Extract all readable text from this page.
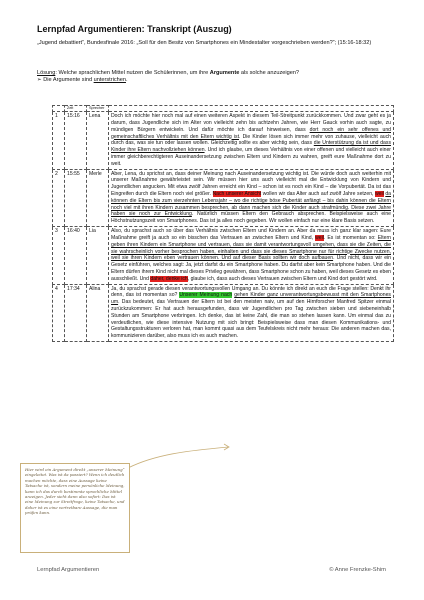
Lernpfad Argumentieren: Transkript (Auszug)
„Jugend debattiert“, Bundesfinale 2016: „Soll für den Besitz von Smartphones ein Mindestalter vorgeschrieben werden?“; (15:16-18:32)
Lösung: Welche sprachlichen Mittel nutzen die Schülerinnen, um ihre Argumente als solche anzuzeigen?
➢ Die Argumente sind unterstrichen.
	Zeit	Sprecher	
1	15:16	Lena	Doch ich möchte hier noch mal auf einen weiteren Aspekt in diesem Teil-Streitpunkt zurückkommen. Und zwar geht es ja darum, dass Jugendliche sich im Alter von vielleicht zehn bis achtzehn Jahren, wie Herr Gauck vorhin auch sagte, zu mündigen Bürgern entwickeln. Und dafür möchte ich darauf hinweisen, dass dort noch ein sehr offenes und gemeinschaftliches Verhältnis mit den Eltern wichtig ist. Die Kinder lösen sich immer mehr von zuhause, vielleicht auch durch das, was sie tun oder lassen wollen. Gleichzeitig sollte es aber wichtig sein, dass die Unterstützung da ist und dass Kinder ihre Eltern nachvollziehen können. Und ich glaube, um dieses Verhältnis von einer offenen und vielleicht auch einer immer gleichberechtigteren Auseinandersetzung zwischen Eltern und Kindern zu wahren, greift eure Maßnahme dort zu weit.
2	15:55	Merle	Aber, Lena, du sprichst an, dass deiner Meinung nach Auseinandersetzung wichtig ist. Die würde doch auch weiterhin mit unserer Maßnahme gewährleistet sein. Wir müssen hier uns auch vielleicht mal die Entwicklung von Kindern und Jugendlichen angucken. Mit etwa zwölf Jahren erreicht ein Kind – schon ist es noch ein Kind – die Vorpubertät. Da ist das Eingreifen durch die Eltern noch viel größer. Nach unserer Ansicht wollen wir das Alter auch auf zwölf Jahre setzen, weil da können die Eltern bis zum vierzehnten Lebensjahr – wo die richtige böse Pubertät anfängt – bis dahin können die Eltern noch viel mit ihren Kindern zusammen besprechen, ab dann machen sich die Kinder auch strafmündig. Diese zwei Jahre haben sie noch zur Entwicklung. Natürlich müssen Eltern den Gebrauch absprechen. Beispielsweise auch eine Höchstnutzungszeit von Smartphones. Das ist ja alles noch gegeben. Wir wollen einfach nur eine klare Basis setzen.
3	16:40	Lia	Also, du sprachst auch so über das Verhältnis zwischen Eltern und Kindern an. Aber da muss ich ganz klar sagen: Eure Maßnahme greift ja auch so ein bisschen das Vertrauen an zwischen Eltern und Kind, weil. Es ist momentan so: Eltern geben ihren Kindern ein Smartphone und vertrauen, dass sie damit verantwortungsvoll umgehen, dass sie die Zeiten, die sie wahrscheinlich vorher besprochen haben, einhalten und dass sie dieses Smartphone nur für richtige Zwecke nutzen, weil sie ihren Kindern eben vertrauen können. Und auf dieser Basis sollten wir doch aufbauen. Und nicht, dass wir ein Gesetz einführen, welches sagt: Ja, jetzt darfst du ein Smartphone haben. Du darfst aber kein Smartphone haben. Und die Eltern dürfen ihrem Kind nicht mal dieses Privileg gewähren, dass Smartphone schon zu haben, weil dieses Gesetz es eben ausschließt. Und daher, denke ich, glaube ich, dass auch dieses Vertrauen zwischen Eltern und Kind dort gestört wird.
4	17:34	Alina	Ja, du sprachst gerade diesen verantwortungsvollen Umgang an. Du könnte ich direkt an euch die Frage stellen: Denkt ihr denn, das ist momentan so? Unserer Meinung nach gehen Kinder ganz unverantwortungsbewusst mit den Smartphones um. Das bedeutet, das Vertrauen der Eltern ist bei den meisten naiv, um auf den Hirnforscher Manfred Spitzer einmal zurückzukommen: Er hat auch herausgefunden, dass wir Jugendlichen pro Tag zwischen sieben und siebeneinhalb Stunden am Smartphone verbringen. Ich denke, das ist keine Zahl, die man so stehen lassen kann. Um einmal das zu verdeutlichen, wie diese intensive Nutzung mit sich bringt: Beispielsweise dass man diesen Kommunikations- und Gestaltungsstrukturen verloren hat, man kommt quasi aus dem Teufelskreis nicht mehr heraus: Die anderen machen das, kommunizieren darüber, also muss ich es auch machen.
Hier wird ein Argument direkt „unserer Meinung“ eingeleitet. Was ist da passiert? Wenn ich deutlich machen möchte, dass eine Aussage keine Tatsache ist, sondern meine persönliche Meinung, kann ich das durch bestimmte sprachliche Mittel anzeigen. Jeder sieht dann also sofort: Das ist eine Meinung zur Streitfrage, keine Tatsache, und daher ist es eine vertretbare Aussage, die man prüfen kann.
Lernpfad Argumentieren	© Anne Frenzke-Shim
